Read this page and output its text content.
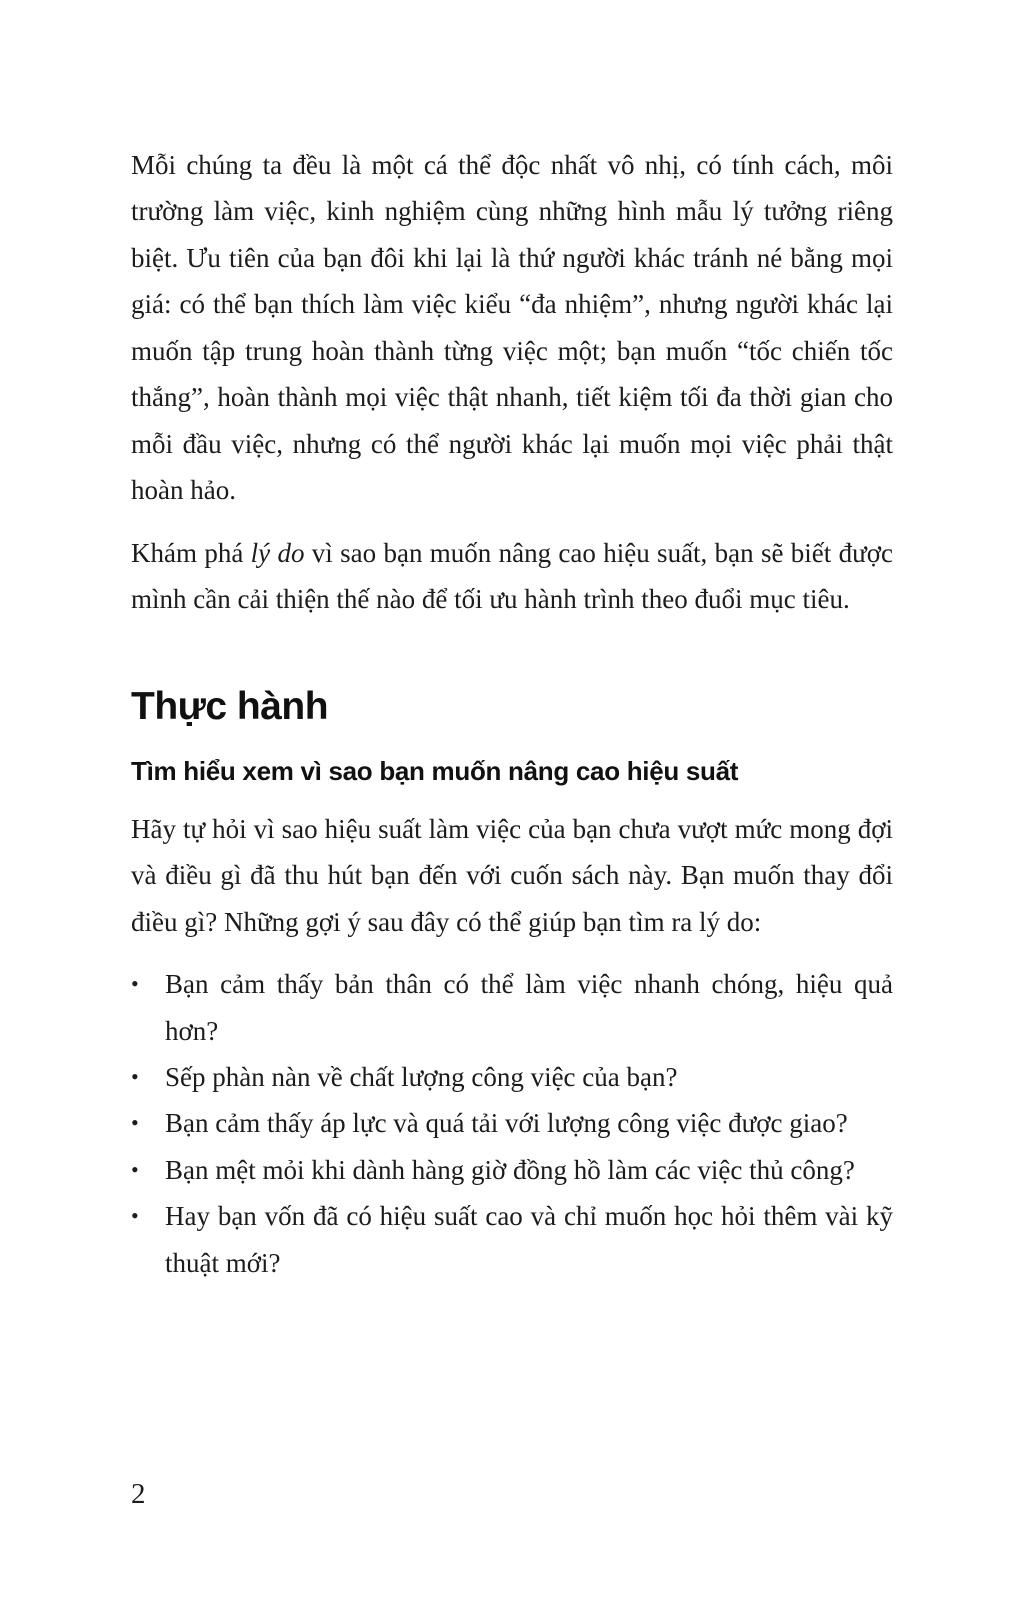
Mỗi chúng ta đều là một cá thể độc nhất vô nhị, có tính cách, môi trường làm việc, kinh nghiệm cùng những hình mẫu lý tưởng riêng biệt. Ưu tiên của bạn đôi khi lại là thứ người khác tránh né bằng mọi giá: có thể bạn thích làm việc kiểu “đa nhiệm”, nhưng người khác lại muốn tập trung hoàn thành từng việc một; bạn muốn “tốc chiến tốc thắng”, hoàn thành mọi việc thật nhanh, tiết kiệm tối đa thời gian cho mỗi đầu việc, nhưng có thể người khác lại muốn mọi việc phải thật hoàn hảo.

Khám phá lý do vì sao bạn muốn nâng cao hiệu suất, bạn sẽ biết được mình cần cải thiện thế nào để tối ưu hành trình theo đuổi mục tiêu.

Thực hành
Tìm hiểu xem vì sao bạn muốn nâng cao hiệu suất

Hãy tự hỏi vì sao hiệu suất làm việc của bạn chưa vượt mức mong đợi và điều gì đã thu hút bạn đến với cuốn sách này. Bạn muốn thay đổi điều gì? Những gợi ý sau đây có thể giúp bạn tìm ra lý do:

• Bạn cảm thấy bản thân có thể làm việc nhanh chóng, hiệu quả hơn?
• Sếp phàn nàn về chất lượng công việc của bạn?
• Bạn cảm thấy áp lực và quá tải với lượng công việc được giao?
• Bạn mệt mỏi khi dành hàng giờ đồng hồ làm các việc thủ công?
• Hay bạn vốn đã có hiệu suất cao và chỉ muốn học hỏi thêm vài kỹ thuật mới?
2
